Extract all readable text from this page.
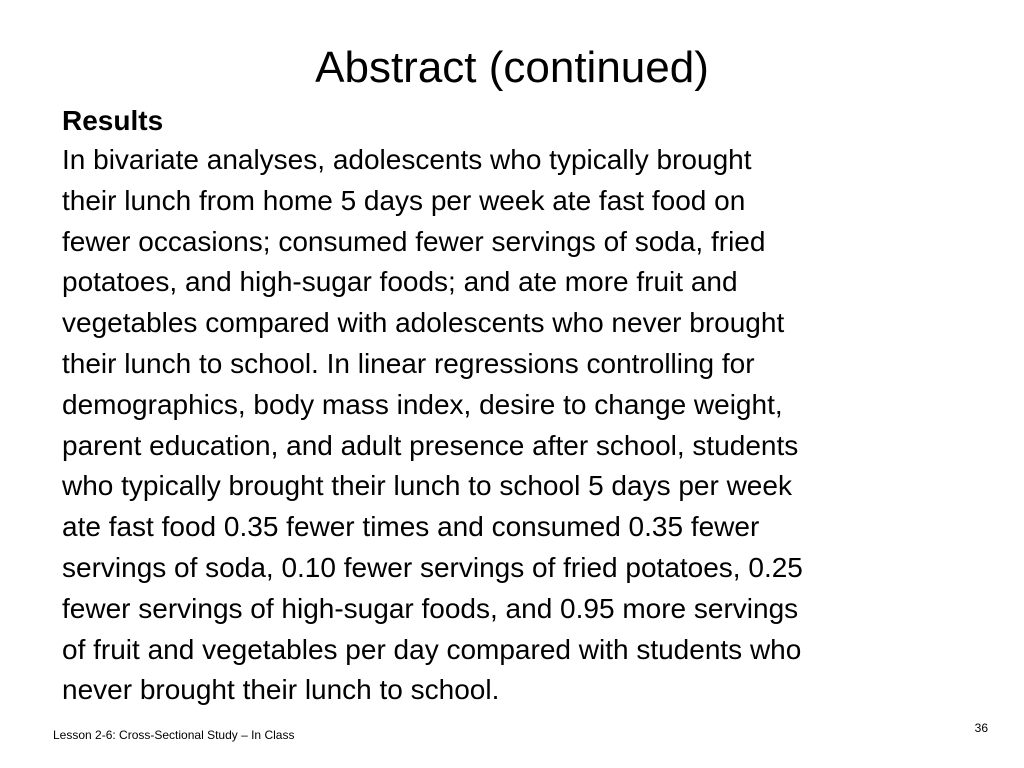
Abstract (continued)

Results

In bivariate analyses, adolescents who typically brought
their lunch from home 5 days per week ate fast food on
fewer occasions; consumed fewer servings of soda, fried
potatoes, and high-sugar foods; and ate more fruit and
vegetables compared with adolescents who never brought
their lunch to school. In linear regressions controlling for
demographics, body mass index, desire to change weight,
parent education, and adult presence after school, students
who typically brought their lunch to school 5 days per week
ate fast food 0.35 fewer times and consumed 0.35 fewer
servings of soda, 0.10 fewer servings of fried potatoes, 0.25
fewer servings of high-sugar foods, and 0.95 more servings
of fruit and vegetables per day compared with students who
never brought their lunch to school.

Lesson 2-6: Cross-Sectional Study – In Class	36
